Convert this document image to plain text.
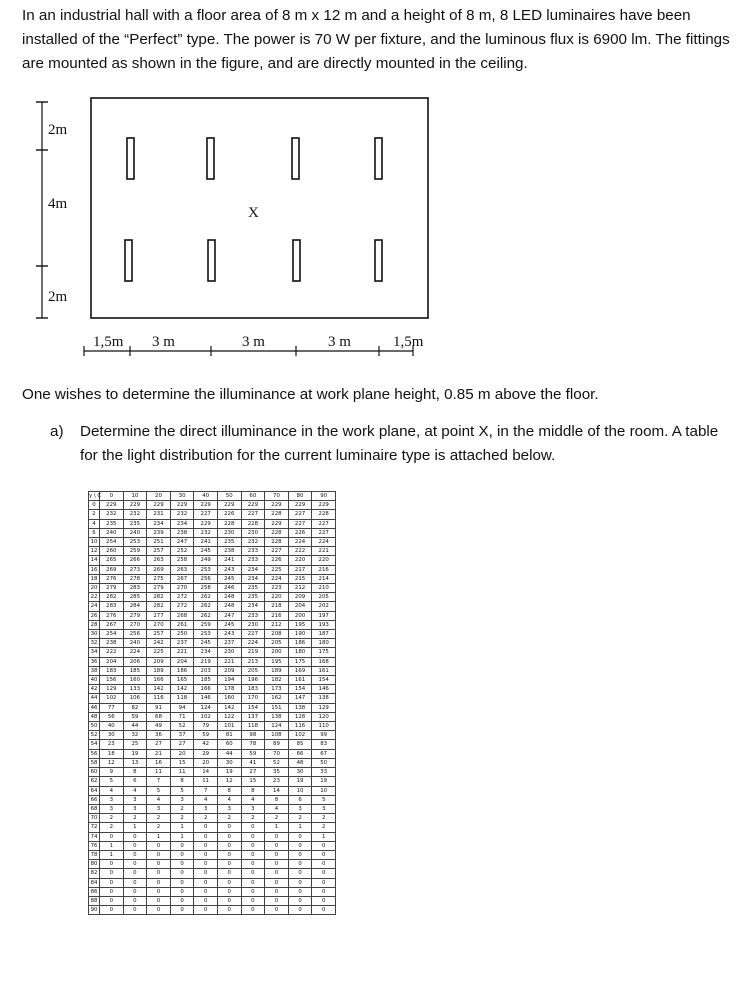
In an industrial hall with a floor area of 8 m x 12 m and a height of 8 m, 8 LED luminaires have been installed of the “Perfect” type. The power is 70 W per fixture, and the luminous flux is 6900 lm. The fittings are mounted as shown in the figure, and are directly mounted in the ceiling.

2m
4m
2m
X
1,5m 3 m	3 m	3 m	1,5m

One wishes to determine the illuminance at work plane height, 0.85 m above the floor.

a)	Determine the direct illuminance in the work plane, at point X, in the middle of the room. A table for the light distribution for the current luminaire type is attached below.

γ \ C	0	10	20	30	40	50	60	70	80	90
0	229	229	229	229	229	229	229	229	229	229
2	232	232	231	232	227	226	227	228	227	228
4	235	235	234	234	229	228	228	229	227	227
6	240	240	239	238	232	230	230	228	226	227
10	254	253	251	247	241	235	232	228	224	224
12	260	259	257	252	245	238	233	227	222	221
14	265	266	263	258	249	241	233	226	220	220
16	269	273	269	263	253	243	234	225	217	216
18	276	278	275	267	256	245	234	224	215	214
20	279	283	279	270	258	246	235	223	212	210
22	282	285	282	272	262	248	235	220	209	205
24	283	284	282	272	262	248	234	218	204	202
26	276	279	277	268	262	247	233	216	200	197
28	267	270	270	261	259	245	230	212	195	193
30	254	256	257	250	253	243	227	208	190	187
32	238	240	242	237	245	237	224	205	186	180
34	222	224	225	221	234	230	219	200	180	175
36	204	206	209	204	219	221	213	195	175	168
38	183	185	189	186	203	209	205	189	169	161
40	156	160	166	165	185	194	196	182	161	154
42	129	133	142	142	166	178	183	173	154	146
44	102	106	116	118	146	160	170	162	147	138
46	77	82	91	94	124	142	154	151	138	129
48	56	59	68	71	102	122	137	138	128	120
50	40	44	49	52	79	101	118	124	116	110
52	30	32	36	37	59	81	98	108	102	99
54	23	25	27	27	42	60	78	89	85	83
56	18	19	21	20	29	44	59	70	66	67
58	12	13	16	15	20	30	41	52	48	50
60	9	8	11	11	14	19	27	35	30	33
62	5	6	7	8	11	12	15	23	19	19
64	4	4	5	5	7	8	8	14	10	10
66	3	3	4	3	4	4	4	8	6	5
68	3	3	3	2	3	3	3	4	3	3
70	2	2	2	2	2	2	2	2	2	2
72	2	1	2	1	0	0	0	1	1	2
74	0	0	1	1	0	0	0	0	0	1
76	1	0	0	0	0	0	0	0	0	0
78	1	0	0	0	0	0	0	0	0	0
80	0	0	0	0	0	0	0	0	0	0
82	0	0	0	0	0	0	0	0	0	0
84	0	0	0	0	0	0	0	0	0	0
86	0	0	0	0	0	0	0	0	0	0
88	0	0	0	0	0	0	0	0	0	0
90	0	0	0	0	0	0	0	0	0	0
